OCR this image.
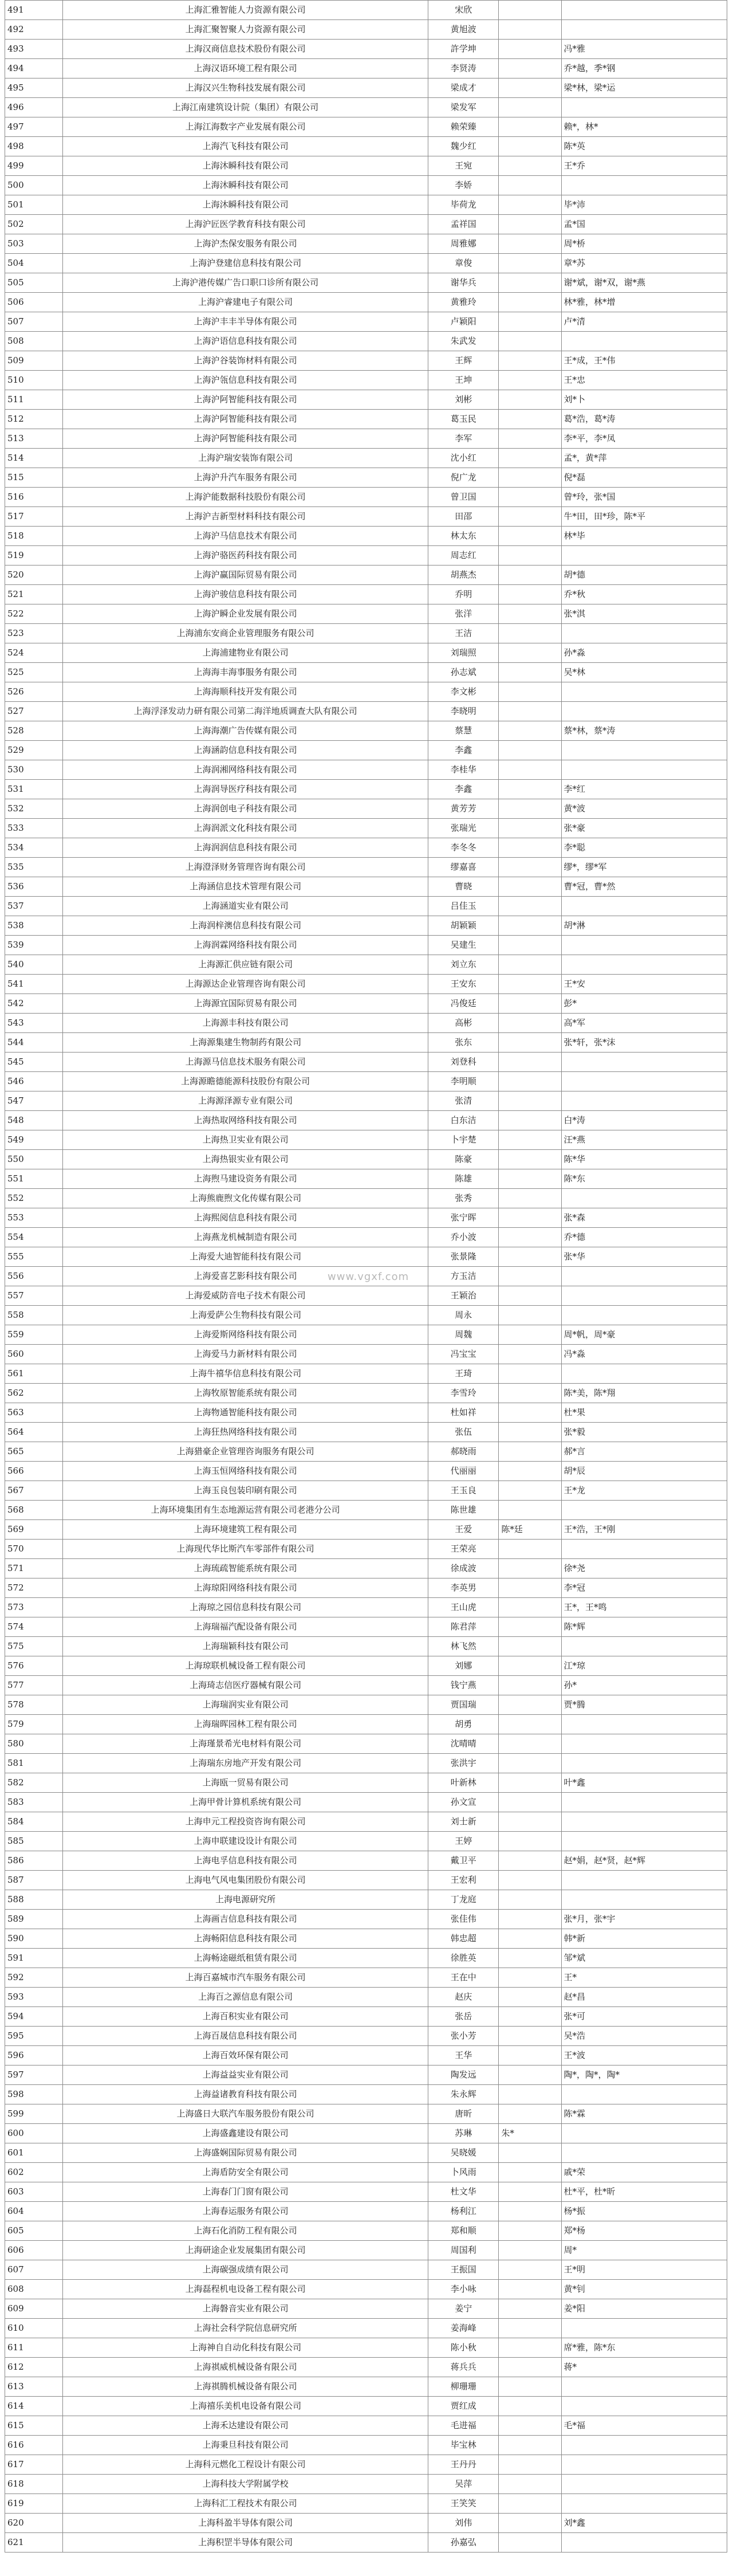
491	上海汇雅智能人力资源有限公司	宋欣		
492	上海汇聚智聚人力资源有限公司	黄旭波		
493	上海汉商信息技术股份有限公司	許学坤		冯*雅
494	上海汉语环境工程有限公司	李贤涛		乔*越，季*钢
495	上海汉兴生物科技发展有限公司	梁成才		梁*林，梁*运
496	上海江南建筑设计院（集团）有限公司	梁发军		
497	上海江海数字产业发展有限公司	赖荣臻		赖*，林*
498	上海汽飞科技有限公司	魏少红		陈*英
499	上海沐瞬科技有限公司	王宛		王*乔
500	上海沐瞬科技有限公司	李娇		
501	上海沐瞬科技有限公司	毕荷龙		毕*沛
502	上海沪匠医学教育科技有限公司	孟祥国		孟*国
503	上海沪杰保安服务有限公司	周雅娜		周*桥
504	上海沪登建信息科技有限公司	章俊		章*苏
505	上海沪港传媒广告口职口诊所有限公司	谢华兵		谢*斌，谢*双，谢*燕
506	上海沪睿建电子有限公司	黄雅玲		林*雅，林*增
507	上海沪丰丰半导体有限公司	卢颖阳		卢*清
508	上海沪语信息科技有限公司	朱武发		
509	上海沪谷装饰材料有限公司	王辉		王*成，王*伟
510	上海沪瓴信息科技有限公司	王坤		王*忠
511	上海沪阿智能科技有限公司	刘彬		刘*卜
512	上海沪阿智能科技有限公司	葛玉民		葛*浩，葛*涛
513	上海沪阿智能科技有限公司	李军		李*平，李*凤
514	上海沪瑞安装饰有限公司	沈小红		孟*，黄*萍
515	上海沪升汽车服务有限公司	倪广龙		倪*磊
516	上海沪能数据科技股份有限公司	曾卫国		曾*玲，张*国
517	上海沪吉新型材料科技有限公司	田邵		牛*田，田*珍，陈*平
518	上海沪马信息技术有限公司	林太东		林*毕
519	上海沪骆医药科技有限公司	周志红		
520	上海沪赢国际贸易有限公司	胡燕杰		胡*德
521	上海沪骏信息科技有限公司	乔明		乔*秋
522	上海沪瞬企业发展有限公司	张洋		张*淇
523	上海浦东安商企业管理服务有限公司	王洁		
524	上海浦建物业有限公司	刘瑞照		孙*淼
525	上海海丰海事服务有限公司	孙志斌		吴*林
526	上海海顺科技开发有限公司	李文彬		
527	上海浮泽发动力研有限公司第二海洋地质调查大队有限公司	李晓明		
528	上海海潮广告传媒有限公司	蔡慧		蔡*林，蔡*涛
529	上海涵韵信息科技有限公司	李鑫		
530	上海润湘网络科技有限公司	李桂华		
531	上海润导医疗科技有限公司	李鑫		李*红
532	上海润创电子科技有限公司	黄芳芳		黄*波
533	上海润派文化科技有限公司	张瑞光		张*豪
534	上海润润信息科技有限公司	李冬冬		李*聪
535	上海澄泽财务管理咨询有限公司	缪嘉喜		缪*，缪*军
536	上海涵信息技术管理有限公司	曹晓		曹*冠，曹*然
537	上海涵道实业有限公司	吕佳玉		
538	上海润梓澳信息科技有限公司	胡颖颖		胡*淋
539	上海润霖网络科技有限公司	吴建生		
540	上海源汇供应链有限公司	刘立东		
541	上海源达企业管理咨询有限公司	王安东		王*安
542	上海源宜国际贸易有限公司	冯俊廷		彭*
543	上海源丰科技有限公司	高彬		高*军
544	上海源集建生物制药有限公司	张东		张*轩，张*沫
545	上海源马信息技术服务有限公司	刘登科		
546	上海源瞻德能源科技股份有限公司	李明顺		
547	上海源泽源专业有限公司	张清		
548	上海热取网络科技有限公司	白东洁		白*涛
549	上海热卫实业有限公司	卜宇楚		汪*燕
550	上海热银实业有限公司	陈豪		陈*华
551	上海煦马建设资务有限公司	陈雄		陈*东
552	上海熊鹿煦文化传媒有限公司	张秀		
553	上海熙阅信息科技有限公司	张宁晖		张*森
554	上海燕龙机械制造有限公司	乔小波		乔*德
555	上海爱大迪智能科技有限公司	张景隆		张*华
556	上海爱喜艺影科技有限公司	方玉洁		
557	上海爱威防音电子技术有限公司	王颖治		
558	上海爱萨公生物科技有限公司	周永		
559	上海爱斯网络科技有限公司	周魏		周*帆，周*豪
560	上海爱马力新材料有限公司	冯宝宝		冯*淼
561	上海牛禧华信息科技有限公司	王琦		
562	上海牧原智能系统有限公司	李雪玲		陈*美，陈*翔
563	上海物通智能科技有限公司	杜如祥		杜*果
564	上海狂热网络科技有限公司	张伍		张*毅
565	上海猎豪企业管理咨询服务有限公司	郝晓雨		郝*言
566	上海玉恒网络科技有限公司	代丽丽		胡*辰
567	上海玉良包装印刷有限公司	王玉良		王*龙
568	上海环境集团有生态地源运营有限公司老港分公司	陈世雄		
569	上海环境建筑工程有限公司	王爱	陈*廷	王*浩，王*刚
570	上海现代华比斯汽车零部件有限公司	王荣亮		
571	上海琉疏智能系统有限公司	徐成波		徐*尧
572	上海琼阳网络科技有限公司	李英男		李*冠
573	上海琼之园信息科技有限公司	王山虎		王*，王*鸣
574	上海瑞福汽配设备有限公司	陈君萍		陈*辉
575	上海瑞颖科技有限公司	林飞然		
576	上海琼联机械设备工程有限公司	刘娜		江*琼
577	上海琦志信医疗器械有限公司	钱宁燕		孙*
578	上海瑞润实业有限公司	贾国瑞		贾*腾
579	上海瑞晖园林工程有限公司	胡勇		
580	上海瑾景希光电材料有限公司	沈晴晴		
581	上海瑞东房地产开发有限公司	张洪宇		
582	上海瓯一贸易有限公司	叶新林		叶*鑫
583	上海甲骨计算机系统有限公司	孙文宣		
584	上海申元工程投资咨询有限公司	刘士新		
585	上海申联建设设计有限公司	王婷		
586	上海电孚信息科技有限公司	戴卫平		赵*娟，赵*贤，赵*辉
587	上海电气风电集团股份有限公司	王宏利		
588	上海电源研究所	丁龙庭		
589	上海画吉信息科技有限公司	张佳伟		张*月，张*宇
590	上海畅阳信息科技有限公司	韩忠超		韩*新
591	上海畅途磁纸租赁有限公司	徐胜英		邹*斌
592	上海百嘉城市汽车服务有限公司	王在中		王*
593	上海百之源信息有限公司	赵庆		赵*昌
594	上海百积实业有限公司	张岳		张*可
595	上海百晟信息科技有限公司	张小芳		吴*浩
596	上海百效环保有限公司	王华		王*波
597	上海益益实业有限公司	陶发远		陶*，陶*，陶*
598	上海益诸教育科技有限公司	朱永辉		
599	上海盛日大联汽车服务股份有限公司	唐昕		陈*霖
600	上海盛鑫建设有限公司	苏琳	朱*	
601	上海盛娴国际贸易有限公司	吴晓媛		
602	上海盾防安全有限公司	卜风雨		戚*荣
603	上海春门门窗有限公司	杜文华		杜*平，杜*昕
604	上海春运服务有限公司	杨利江		杨*振
605	上海石化消防工程有限公司	郑和顺		郑*杨
606	上海研途企业发展集团有限公司	周国利		周*
607	上海碳强成绩有限公司	王振国		王*明
608	上海磊程机电设备工程有限公司	李小咏		黄*钊
609	上海磐音实业有限公司	姜宁		姜*阳
610	上海社会科学院信息研究所	姜海峰		
611	上海神自自动化科技有限公司	陈小秋		席*雅，陈*东
612	上海祺威机械设备有限公司	蒋兵兵		蒋*
613	上海祺腾机械设备有限公司	柳珊珊		
614	上海禧乐美机电设备有限公司	贾红成		
615	上海禾达建设有限公司	毛进福		毛*福
616	上海秉旦科技有限公司	毕宝林		
617	上海科元燃化工程设计有限公司	王丹丹		
618	上海科技大学附属学校	吴萍		
619	上海科汇工程技术有限公司	王笑笑		
620	上海科盈半导体有限公司	刘伟		刘*鑫
621	上海积罡半导体有限公司	孙嘉弘		
www.vgxf.com
